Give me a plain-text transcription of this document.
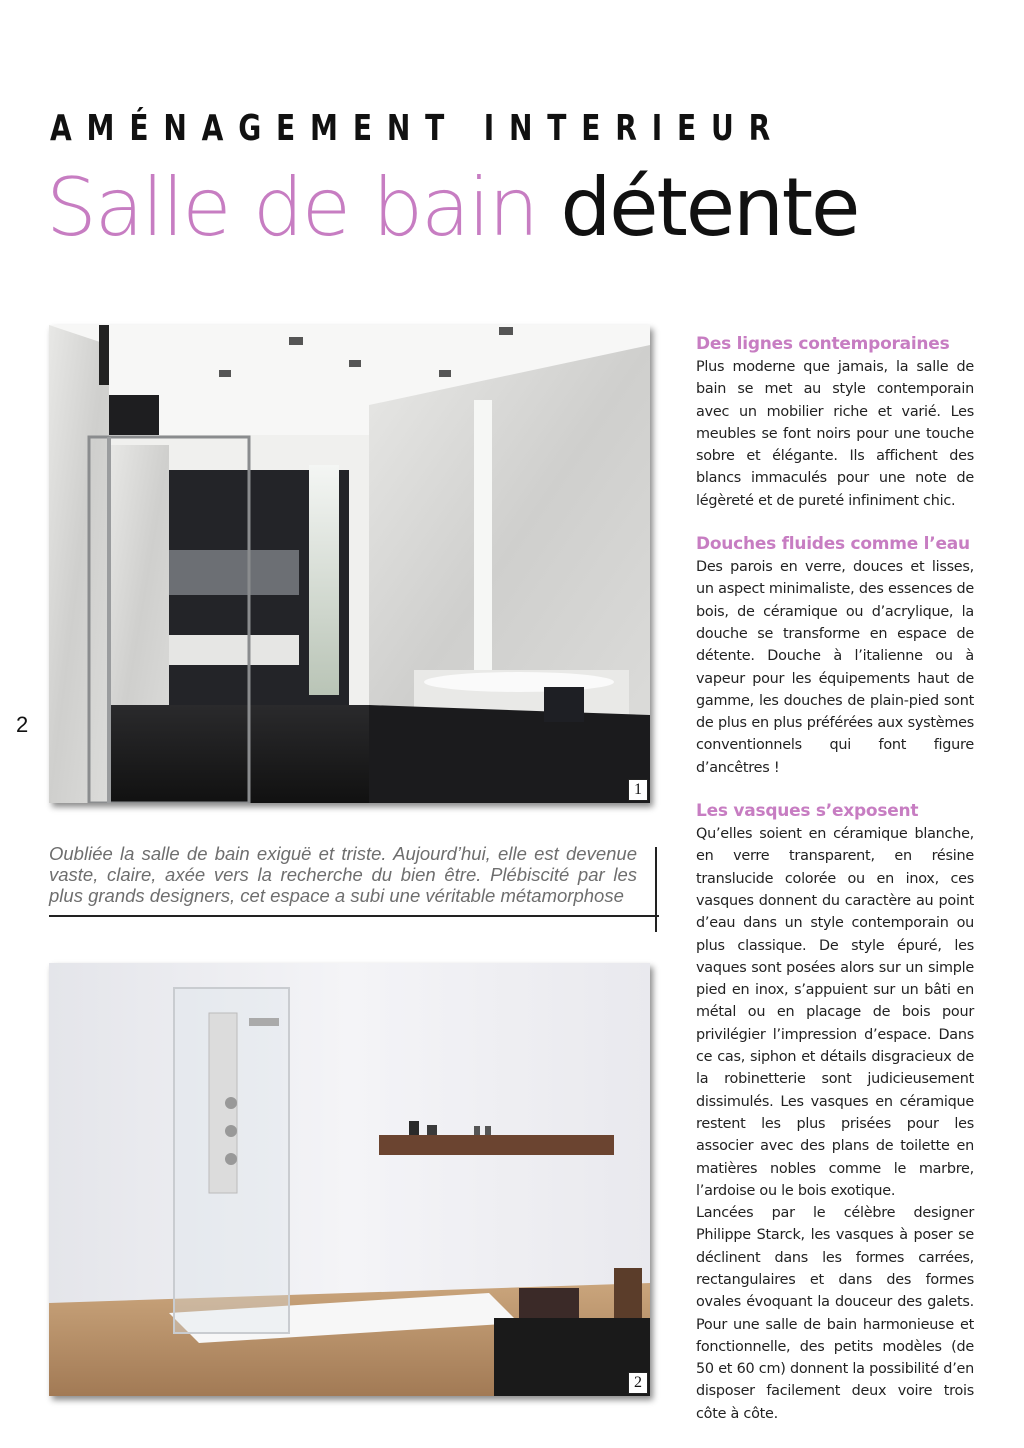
AMÉNAGEMENT INTERIEUR
Salle de bain détente
2
1
Oubliée la salle de bain exiguë et triste. Aujourd’hui, elle est devenue vaste, claire, axée vers la recherche du bien être. Plébiscité par les plus grands designers, cet espace a subi une véritable métamorphose
2
Des lignes contemporaines

Plus moderne que jamais, la salle de bain se met au style contemporain avec un mobilier riche et varié. Les meubles se font noirs pour une touche sobre et élégante. Ils affichent des blancs immaculés pour une note de légèreté et de pureté infiniment chic.

Douches fluides comme l’eau

Des parois en verre, douces et lisses, un aspect minimaliste, des essences de bois, de céramique ou d’acrylique, la douche se transforme en espace de détente. Douche à l’italienne ou à vapeur pour les équipements haut de gamme, les douches de plain-pied sont de plus en plus préférées aux systèmes conventionnels qui font figure d’ancêtres !

Les vasques s’exposent

Qu’elles soient en céramique blanche, en verre transparent, en résine translucide colorée ou en inox, ces vasques donnent du caractère au point d’eau dans un style contemporain ou plus classique. De style épuré, les vaques sont posées alors sur un simple pied en inox, s’appuient sur un bâti en métal ou en placage de bois pour privilégier l’impression d’espace. Dans ce cas, siphon et détails disgracieux de la robinetterie sont judicieusement dissimulés. Les vasques en céramique restent les plus prisées pour les associer avec des plans de toilette en matières nobles comme le marbre, l’ardoise ou le bois exotique.

Lancées par le célèbre designer Philippe Starck, les vasques à poser se déclinent dans les formes carrées, rectangulaires et dans des formes ovales évoquant la douceur des galets. Pour une salle de bain harmonieuse et fonctionnelle, des petits modèles (de 50 et 60 cm) donnent la possibilité d’en disposer facilement deux voire trois côte à côte.
